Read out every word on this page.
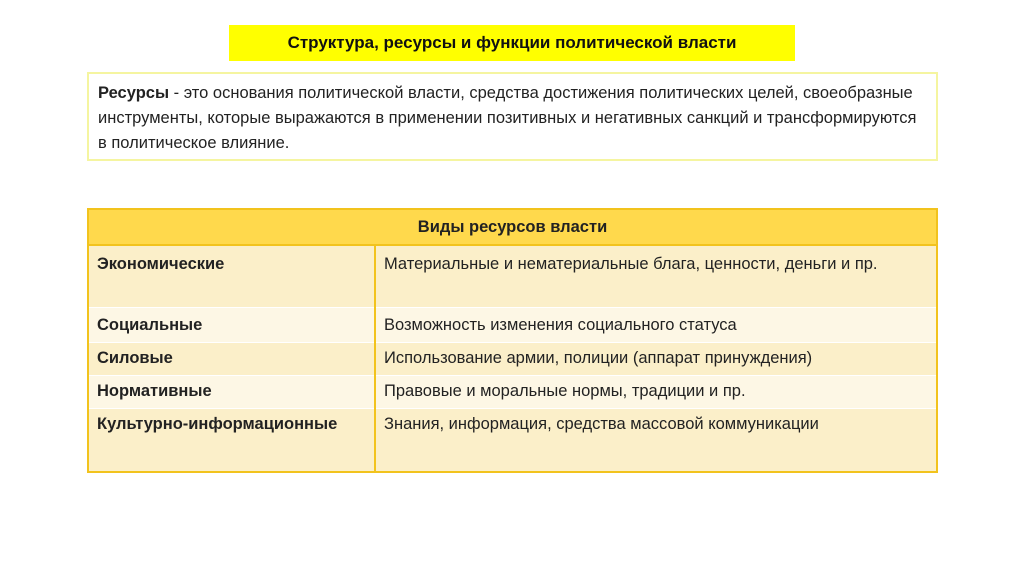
Структура, ресурсы и функции политической власти
Ресурсы - это основания политической власти, средства достижения политических целей, своеобразные инструменты, которые выражаются в применении позитивных и негативных санкций и трансформируются в политическое влияние.
Виды ресурсов власти	
Экономические	Материальные и нематериальные блага, ценности, деньги и пр.
Социальные	Возможность изменения социального статуса
Силовые	Использование армии, полиции (аппарат принуждения)
Нормативные	Правовые и моральные нормы, традиции и пр.
Культурно-информационные	Знания, информация, средства массовой коммуникации
